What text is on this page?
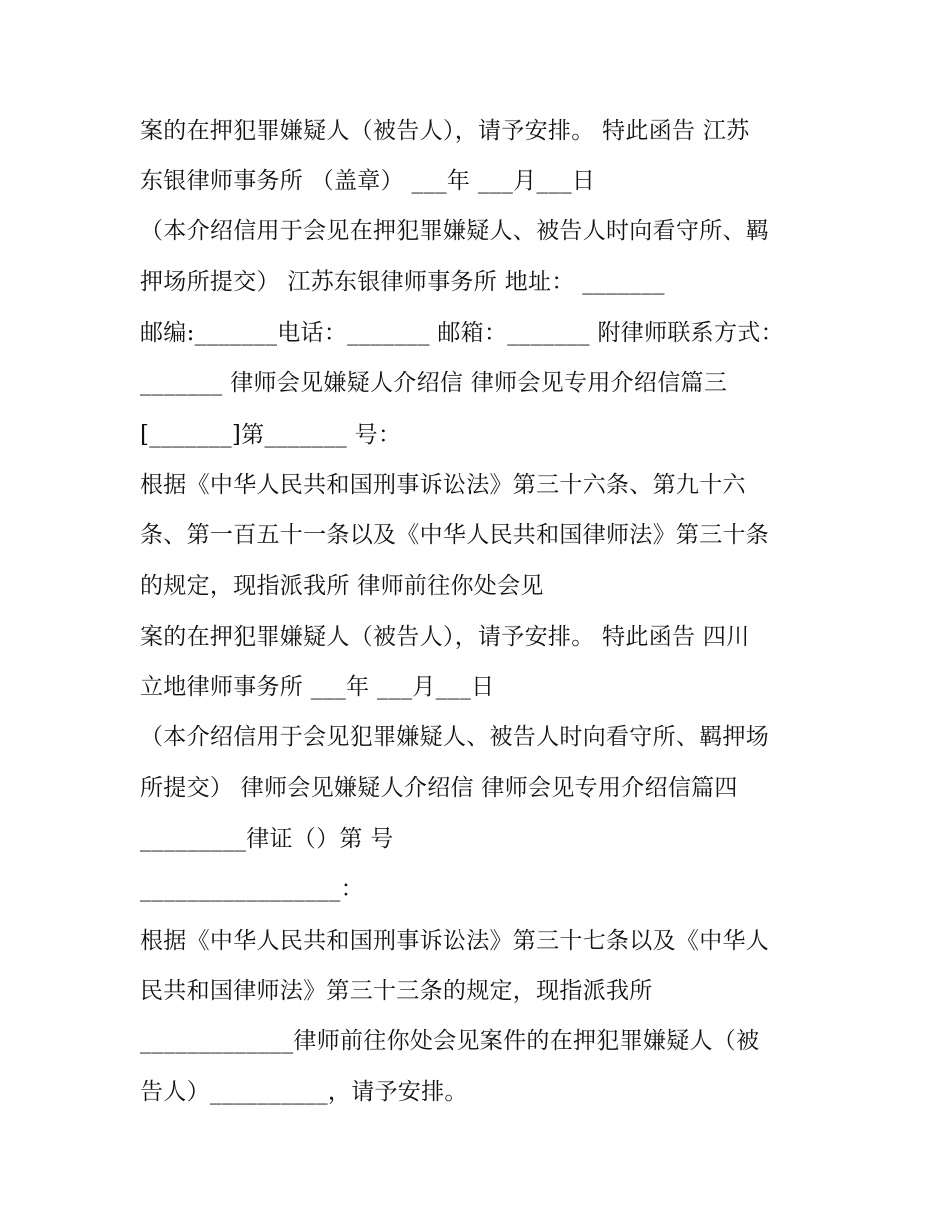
案的在押犯罪嫌疑人（被告人），请予安排。 特此函告 江苏
东银律师事务所 （盖章） ___年 ___月___日
（本介绍信用于会见在押犯罪嫌疑人、被告人时向看守所、羁
押场所提交） 江苏东银律师事务所 地址： _______
邮编:_______电话：_______ 邮箱：_______ 附律师联系方式：
_______ 律师会见嫌疑人介绍信 律师会见专用介绍信篇三
[_______]第_______ 号：
根据《中华人民共和国刑事诉讼法》第三十六条、第九十六
条、第一百五十一条以及《中华人民共和国律师法》第三十条
的规定，现指派我所 律师前往你处会见
案的在押犯罪嫌疑人（被告人），请予安排。 特此函告 四川
立地律师事务所 ___年 ___月___日
（本介绍信用于会见犯罪嫌疑人、被告人时向看守所、羁押场
所提交） 律师会见嫌疑人介绍信 律师会见专用介绍信篇四
_________律证（）第 号
_________________：
根据《中华人民共和国刑事诉讼法》第三十七条以及《中华人
民共和国律师法》第三十三条的规定，现指派我所
_____________律师前往你处会见案件的在押犯罪嫌疑人（被
告人）__________，请予安排。
